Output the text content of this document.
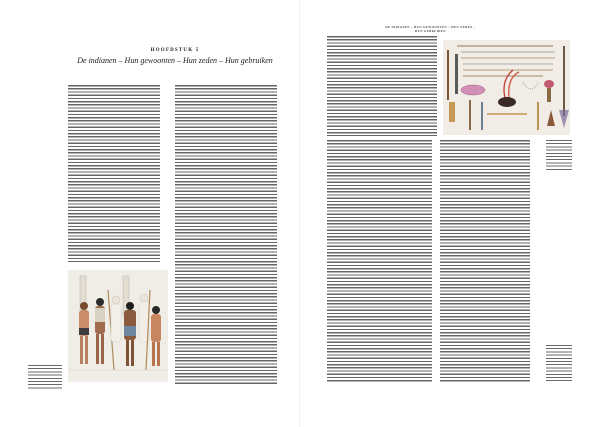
HOOFDSTUK 5
De indianen – Hun gewoonten – Hun zeden – Hun gebruiken
DE INDIANEN – HUN GEWOONTEN – HUN ZEDEN – HUN GEBRUIKEN
